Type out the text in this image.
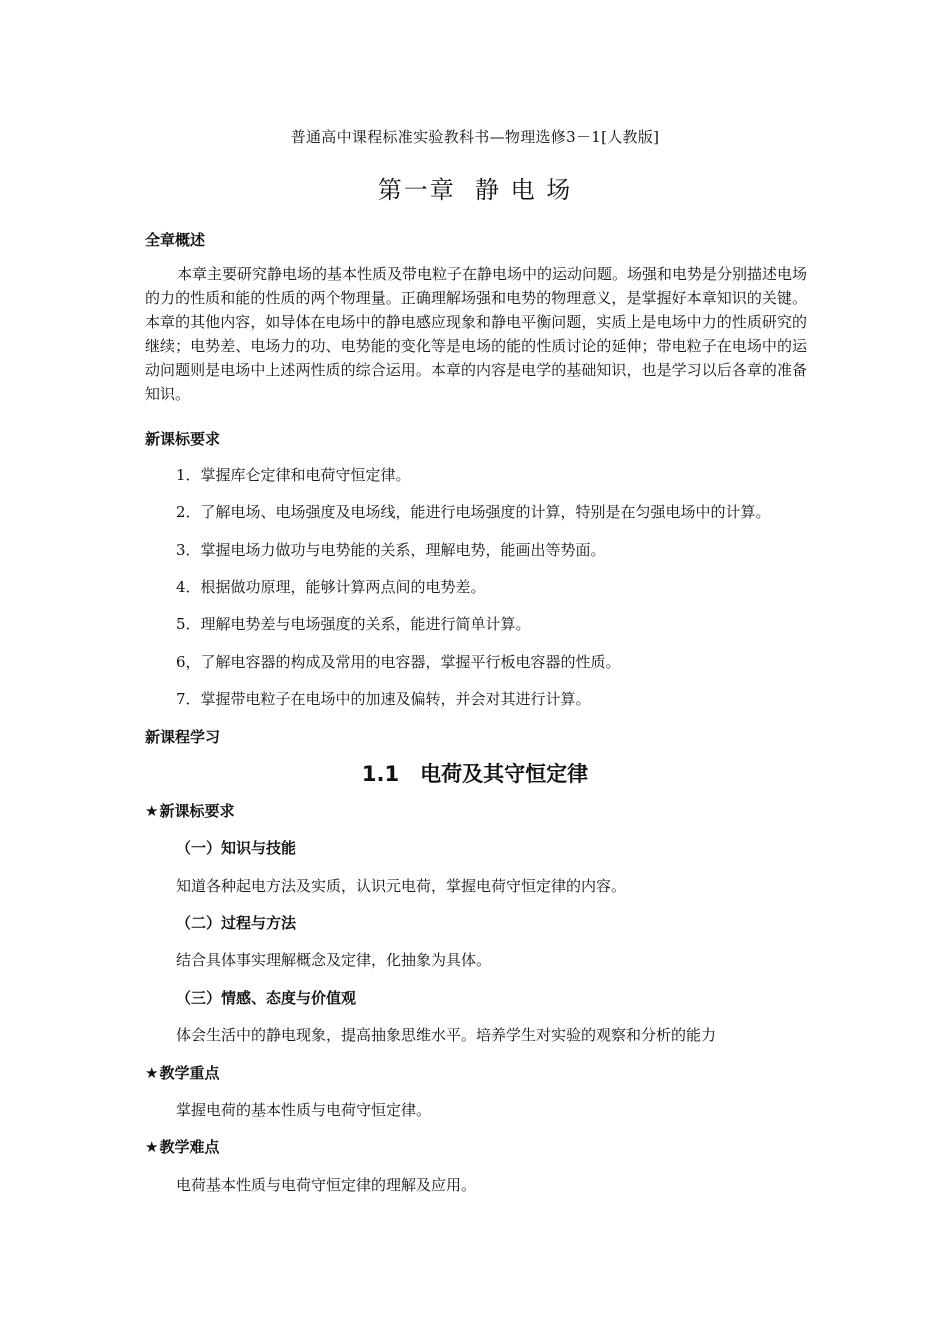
普通高中课程标准实验教科书—物理选修3－1[人教版]
第一章  静 电 场
全章概述
本章主要研究静电场的基本性质及带电粒子在静电场中的运动问题。场强和电势是分别描述电场的力的性质和能的性质的两个物理量。正确理解场强和电势的物理意义，是掌握好本章知识的关键。本章的其他内容，如导体在电场中的静电感应现象和静电平衡问题，实质上是电场中力的性质研究的继续；电势差、电场力的功、电势能的变化等是电场的能的性质讨论的延伸；带电粒子在电场中的运动问题则是电场中上述两性质的综合运用。本章的内容是电学的基础知识，也是学习以后各章的准备知识。
新课标要求
1．掌握库仑定律和电荷守恒定律。
2．了解电场、电场强度及电场线，能进行电场强度的计算，特别是在匀强电场中的计算。
3．掌握电场力做功与电势能的关系，理解电势，能画出等势面。
4．根据做功原理，能够计算两点间的电势差。
5．理解电势差与电场强度的关系，能进行简单计算。
6，了解电容器的构成及常用的电容器，掌握平行板电容器的性质。
7．掌握带电粒子在电场中的加速及偏转，并会对其进行计算。
新课程学习
1.1　电荷及其守恒定律
★新课标要求
（一）知识与技能
知道各种起电方法及实质，认识元电荷，掌握电荷守恒定律的内容。
（二）过程与方法
结合具体事实理解概念及定律，化抽象为具体。
（三）情感、态度与价值观
体会生活中的静电现象，提高抽象思维水平。培养学生对实验的观察和分析的能力
★教学重点
掌握电荷的基本性质与电荷守恒定律。
★教学难点
电荷基本性质与电荷守恒定律的理解及应用。
